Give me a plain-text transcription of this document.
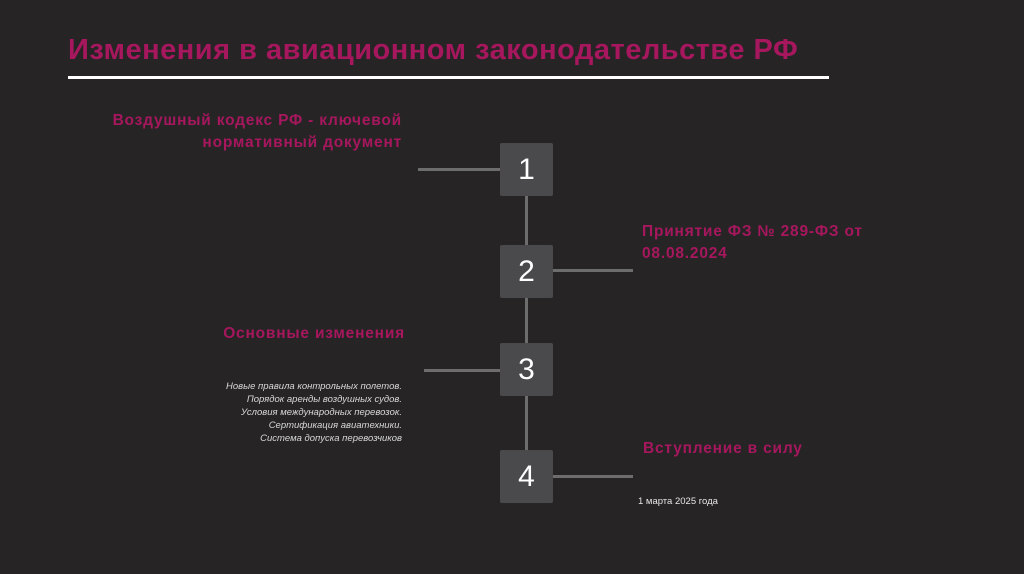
Изменения в авиационном законодательстве РФ
1

Воздушный кодекс РФ - ключевой
нормативный документ

2

Принятие ФЗ № 289-ФЗ от
08.08.2024

3

Основные изменения

Новые правила контрольных полетов.
Порядок аренды воздушных судов.
Условия международных перевозок.
Сертификация авиатехники.
Система допуска перевозчиков
4

Вступление в силу

1 марта 2025 года
